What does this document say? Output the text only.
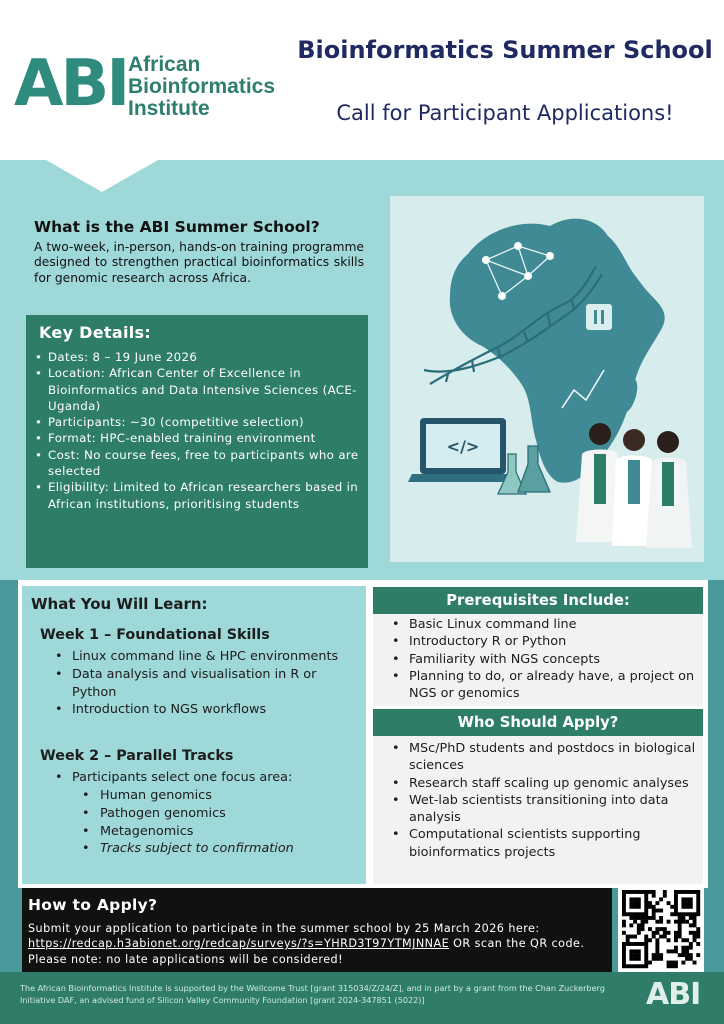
ABI African
Bioinformatics
Institute
Bioinformatics Summer School
Call for Participant Applications!
What is the ABI Summer School?
A two-week, in-person, hands-on training programme designed to strengthen practical bioinformatics skills for genomic research across Africa.
Key Details:
• Dates: 8 – 19 June 2026
• Location: African Center of Excellence in Bioinformatics and Data Intensive Sciences (ACE-Uganda)
• Participants: ~30 (competitive selection)
• Format: HPC-enabled training environment
• Cost: No course fees, free to participants who are selected
• Eligibility: Limited to African researchers based in African institutions, prioritising students
</>
What You Will Learn:
Week 1 – Foundational Skills
• Linux command line & HPC environments
• Data analysis and visualisation in R or Python
• Introduction to NGS workflows
Week 2 – Parallel Tracks
• Participants select one focus area:
• Human genomics
• Pathogen genomics
• Metagenomics
• Tracks subject to confirmation
Prerequisites Include:
• Basic Linux command line
• Introductory R or Python
• Familiarity with NGS concepts
• Planning to do, or already have, a project on NGS or genomics
Who Should Apply?
• MSc/PhD students and postdocs in biological sciences
• Research staff scaling up genomic analyses
• Wet-lab scientists transitioning into data analysis
• Computational scientists supporting bioinformatics projects
How to Apply?
Submit your application to participate in the summer school by 25 March 2026 here: https://redcap.h3abionet.org/redcap/surveys/?s=YHRD3T97YTMJNNAE OR scan the QR code. Please note: no late applications will be considered!
The African Bioinformatics Institute is supported by the Wellcome Trust [grant 315034/Z/24/Z], and in part by a grant from the Chan Zuckerberg Initiative DAF, an advised fund of Silicon Valley Community Foundation [grant 2024-347851 (5022)]	ABI
